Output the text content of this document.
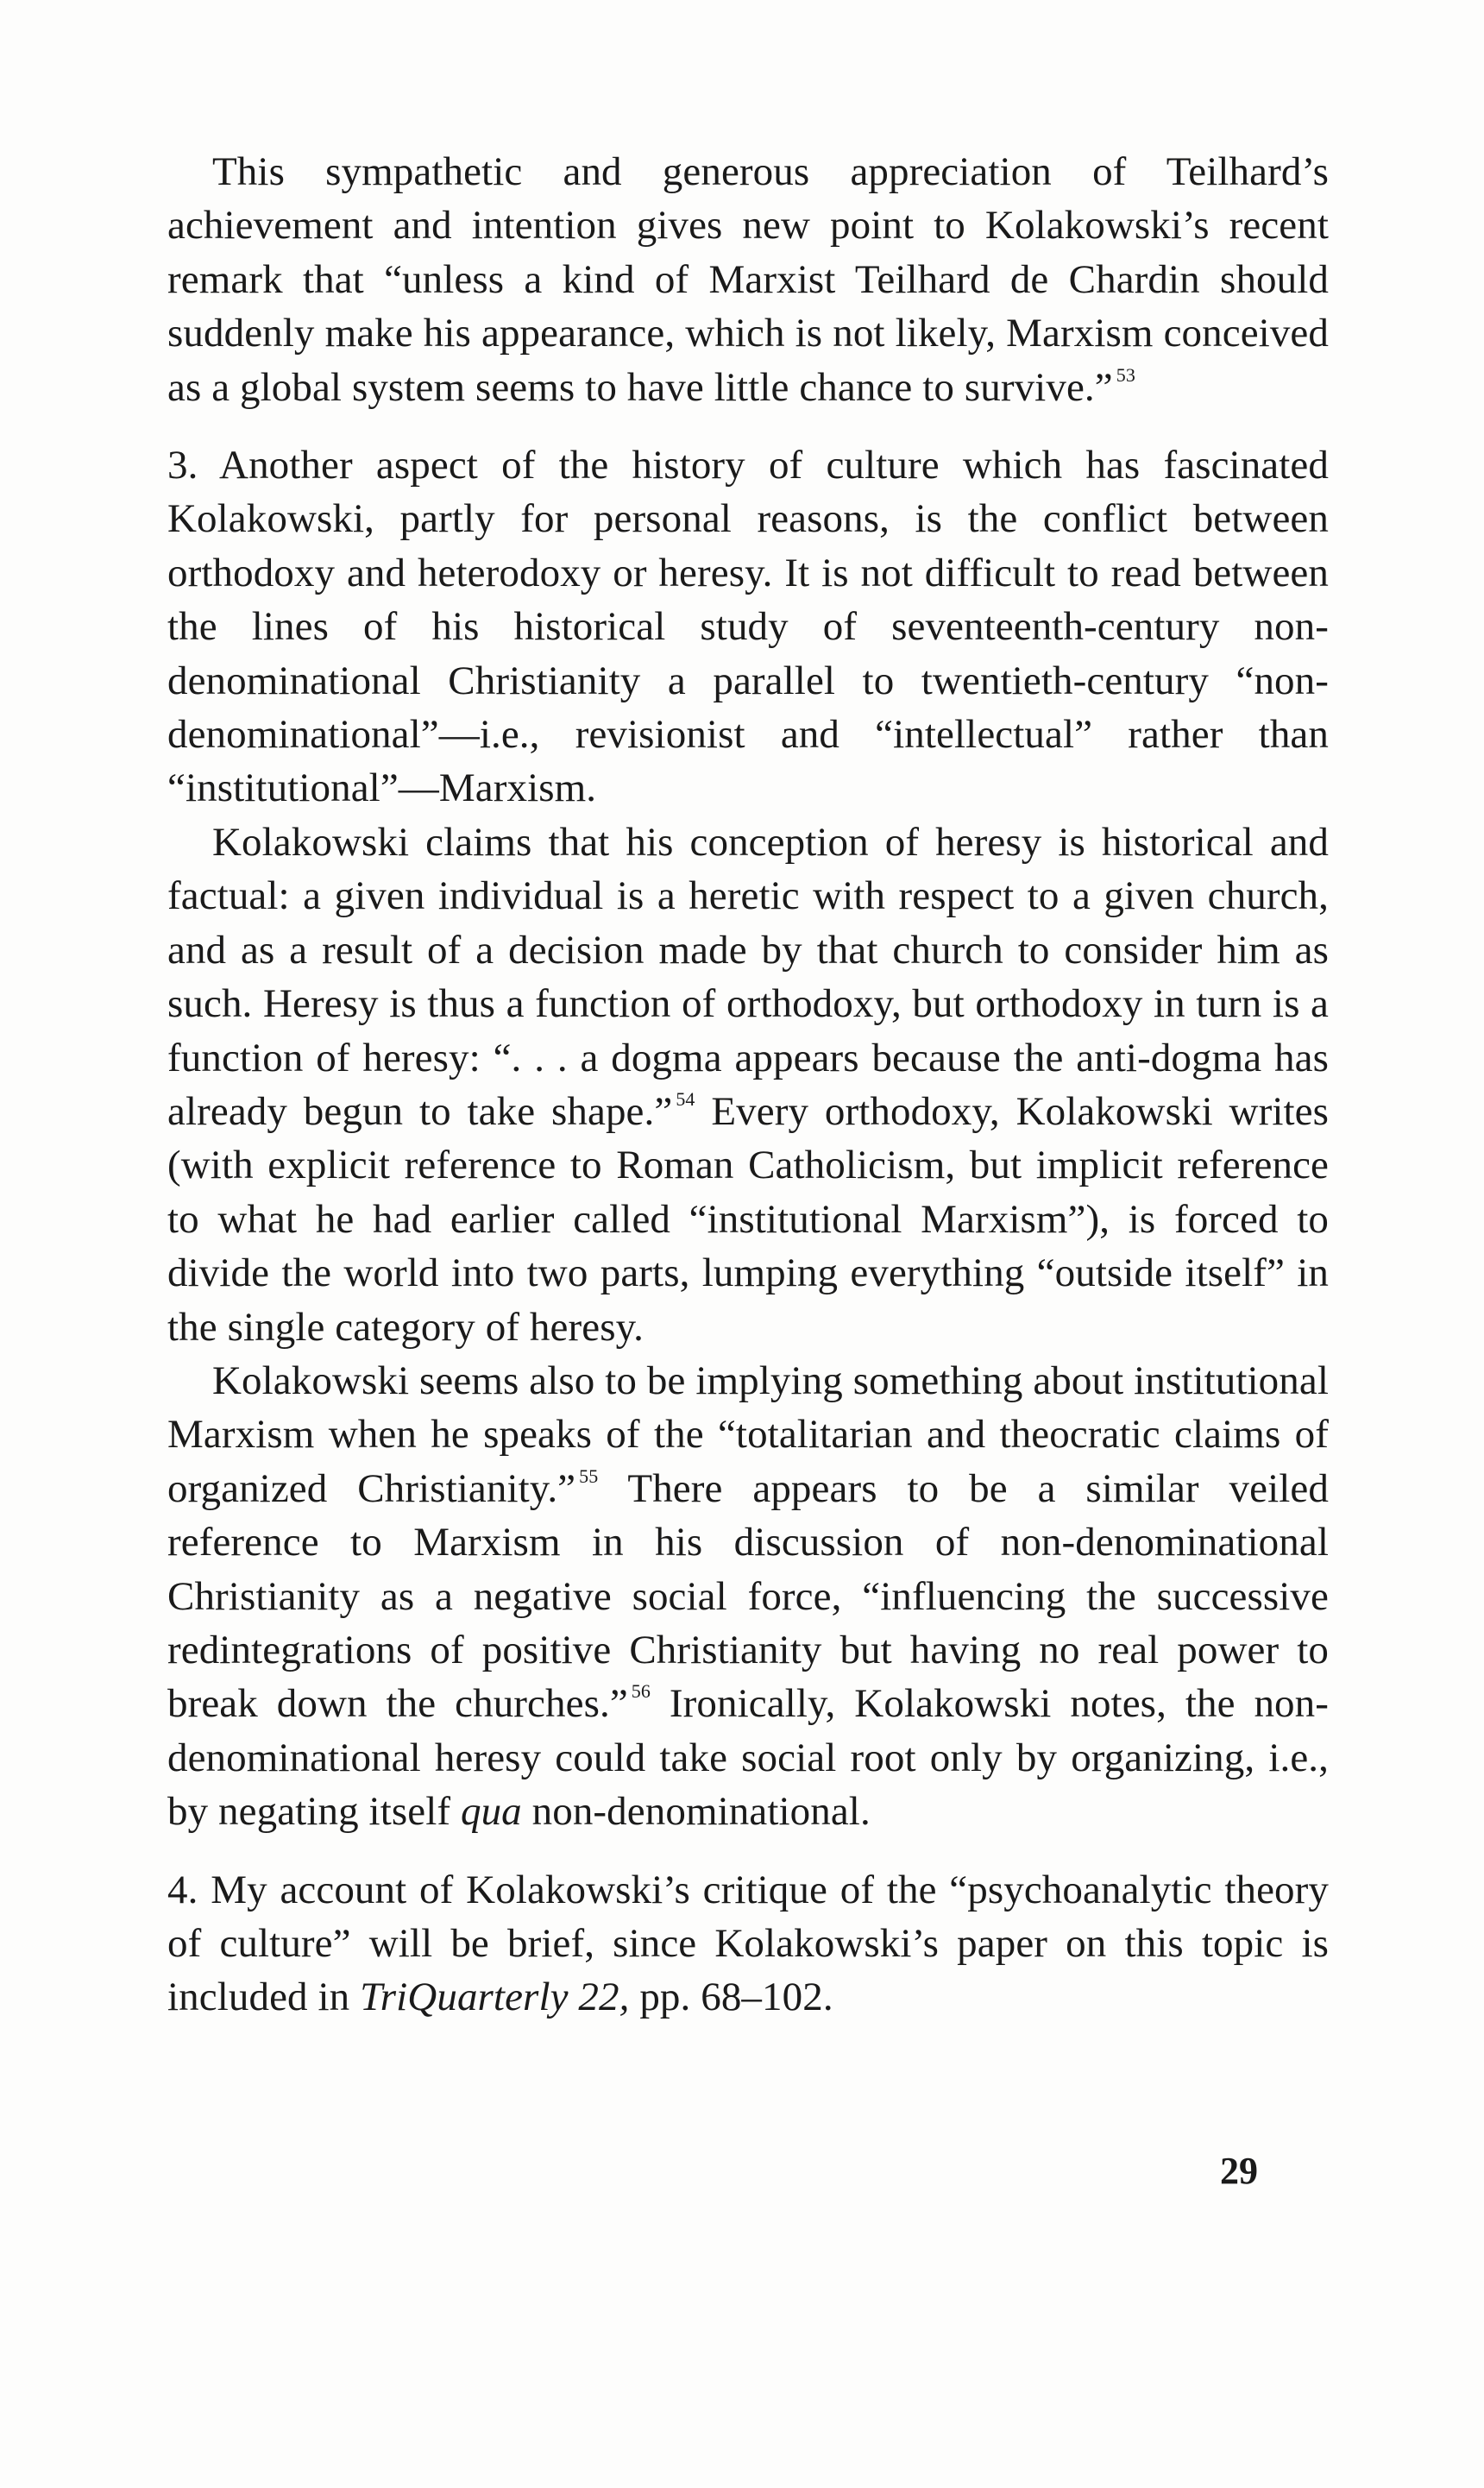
This sympathetic and generous appreciation of Teilhard’s achievement and intention gives new point to Kolakowski’s recent remark that “unless a kind of Marxist Teilhard de Chardin should suddenly make his appearance, which is not likely, Marxism conceived as a global system seems to have little chance to survive.” $^{53}$

3. Another aspect of the history of culture which has fascinated Kolakowski, partly for personal reasons, is the conflict between orthodoxy and heterodoxy or heresy. It is not difficult to read between the lines of his historical study of seventeenth-century non-denominational Christianity a parallel to twentieth-century “non-denominational”—i.e., revisionist and “intellectual” rather than “institutional”—Marxism.

Kolakowski claims that his conception of heresy is historical and factual: a given individual is a heretic with respect to a given church, and as a result of a decision made by that church to consider him as such. Heresy is thus a function of orthodoxy, but orthodoxy in turn is a function of heresy: “. . . a dogma appears because the anti-dogma has already begun to take shape.” $^{54}$ Every orthodoxy, Kolakowski writes (with explicit reference to Roman Catholicism, but implicit reference to what he had earlier called “institutional Marxism”), is forced to divide the world into two parts, lumping everything “outside itself” in the single category of heresy.

Kolakowski seems also to be implying something about institutional Marxism when he speaks of the “totalitarian and theocratic claims of organized Christianity.” $^{55}$ There appears to be a similar veiled reference to Marxism in his discussion of non-denominational Christianity as a negative social force, “influencing the successive redintegrations of positive Christianity but having no real power to break down the churches.” $^{56}$ Ironically, Kolakowski notes, the non-denominational heresy could take social root only by organizing, i.e., by negating itself qua non-denominational.

4. My account of Kolakowski’s critique of the “psychoanalytic theory of culture” will be brief, since Kolakowski’s paper on this topic is included in TriQuarterly 22, pp. 68–102.

29
